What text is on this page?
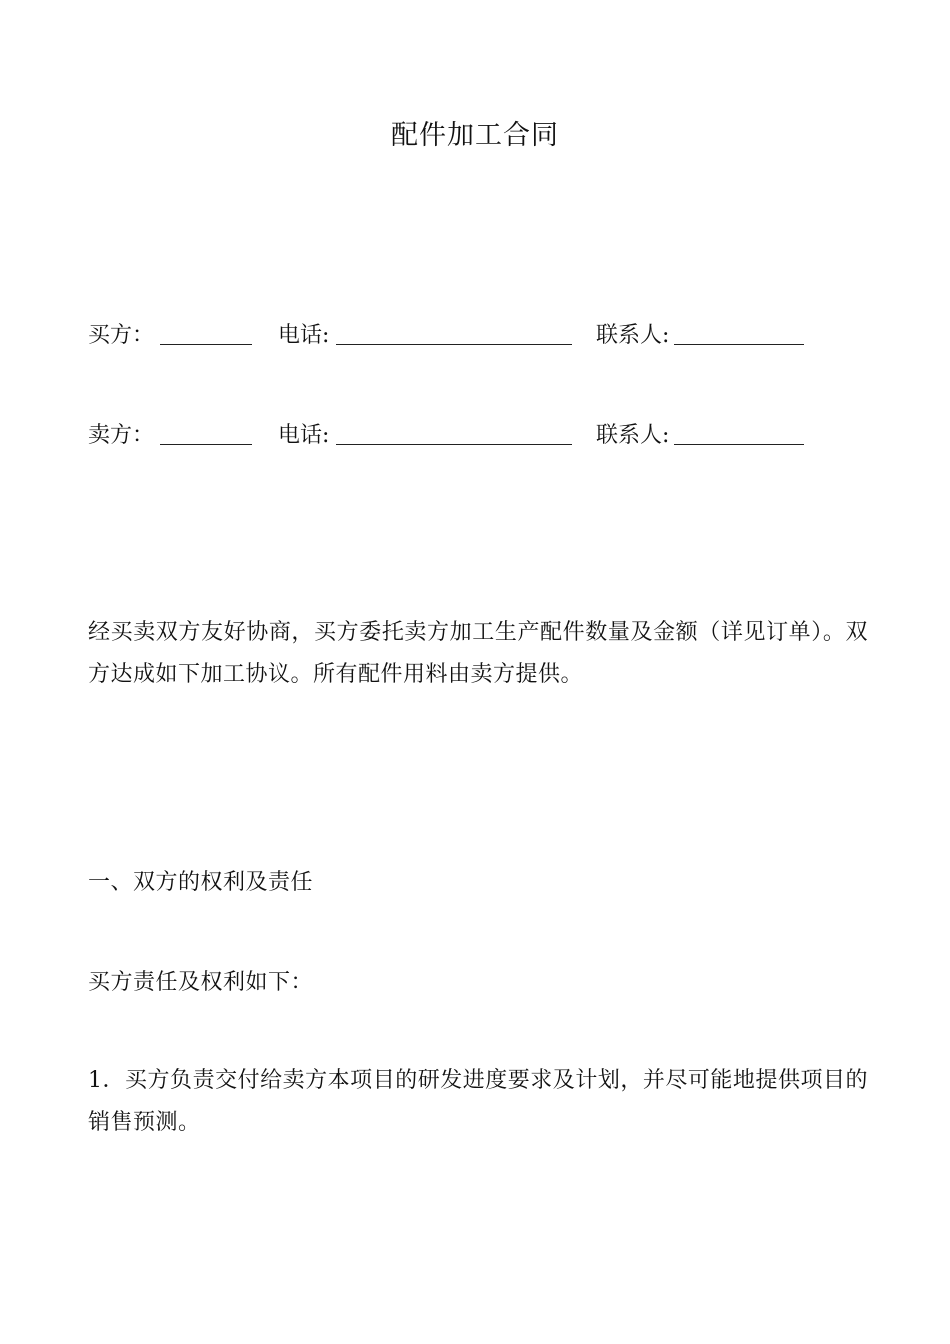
配件加工合同
买方：	电话:	联系人:
卖方：	电话:	联系人:
经买卖双方友好协商，买方委托卖方加工生产配件数量及金额（详见订单）。双方达成如下加工协议。所有配件用料由卖方提供。
一、双方的权利及责任
买方责任及权利如下：
1．买方负责交付给卖方本项目的研发进度要求及计划，并尽可能地提供项目的销售预测。
